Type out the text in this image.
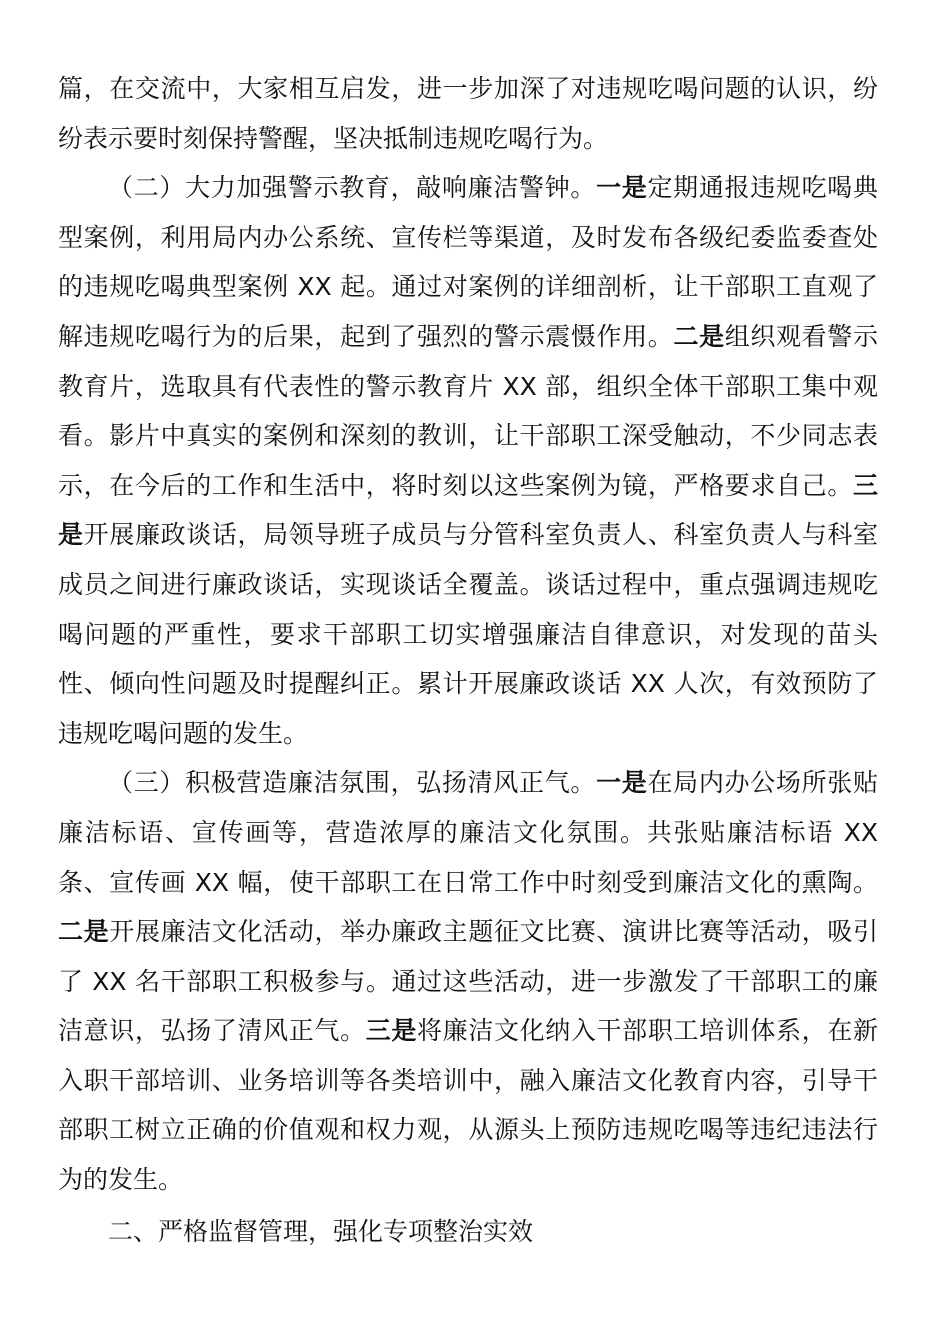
篇，在交流中，大家相互启发，进一步加深了对违规吃喝问题的认识，纷纷表示要时刻保持警醒，坚决抵制违规吃喝行为。

（二）大力加强警示教育，敲响廉洁警钟。一是定期通报违规吃喝典型案例，利用局内办公系统、宣传栏等渠道，及时发布各级纪委监委查处的违规吃喝典型案例 XX 起。通过对案例的详细剖析，让干部职工直观了解违规吃喝行为的后果，起到了强烈的警示震慑作用。二是组织观看警示教育片，选取具有代表性的警示教育片 XX 部，组织全体干部职工集中观看。影片中真实的案例和深刻的教训，让干部职工深受触动，不少同志表示，在今后的工作和生活中，将时刻以这些案例为镜，严格要求自己。三是开展廉政谈话，局领导班子成员与分管科室负责人、科室负责人与科室成员之间进行廉政谈话，实现谈话全覆盖。谈话过程中，重点强调违规吃喝问题的严重性，要求干部职工切实增强廉洁自律意识，对发现的苗头性、倾向性问题及时提醒纠正。累计开展廉政谈话 XX 人次，有效预防了违规吃喝问题的发生。

（三）积极营造廉洁氛围，弘扬清风正气。一是在局内办公场所张贴廉洁标语、宣传画等，营造浓厚的廉洁文化氛围。共张贴廉洁标语 XX 条、宣传画 XX 幅，使干部职工在日常工作中时刻受到廉洁文化的熏陶。二是开展廉洁文化活动，举办廉政主题征文比赛、演讲比赛等活动，吸引了 XX 名干部职工积极参与。通过这些活动，进一步激发了干部职工的廉洁意识，弘扬了清风正气。三是将廉洁文化纳入干部职工培训体系，在新入职干部培训、业务培训等各类培训中，融入廉洁文化教育内容，引导干部职工树立正确的价值观和权力观，从源头上预防违规吃喝等违纪违法行为的发生。

二、严格监督管理，强化专项整治实效
